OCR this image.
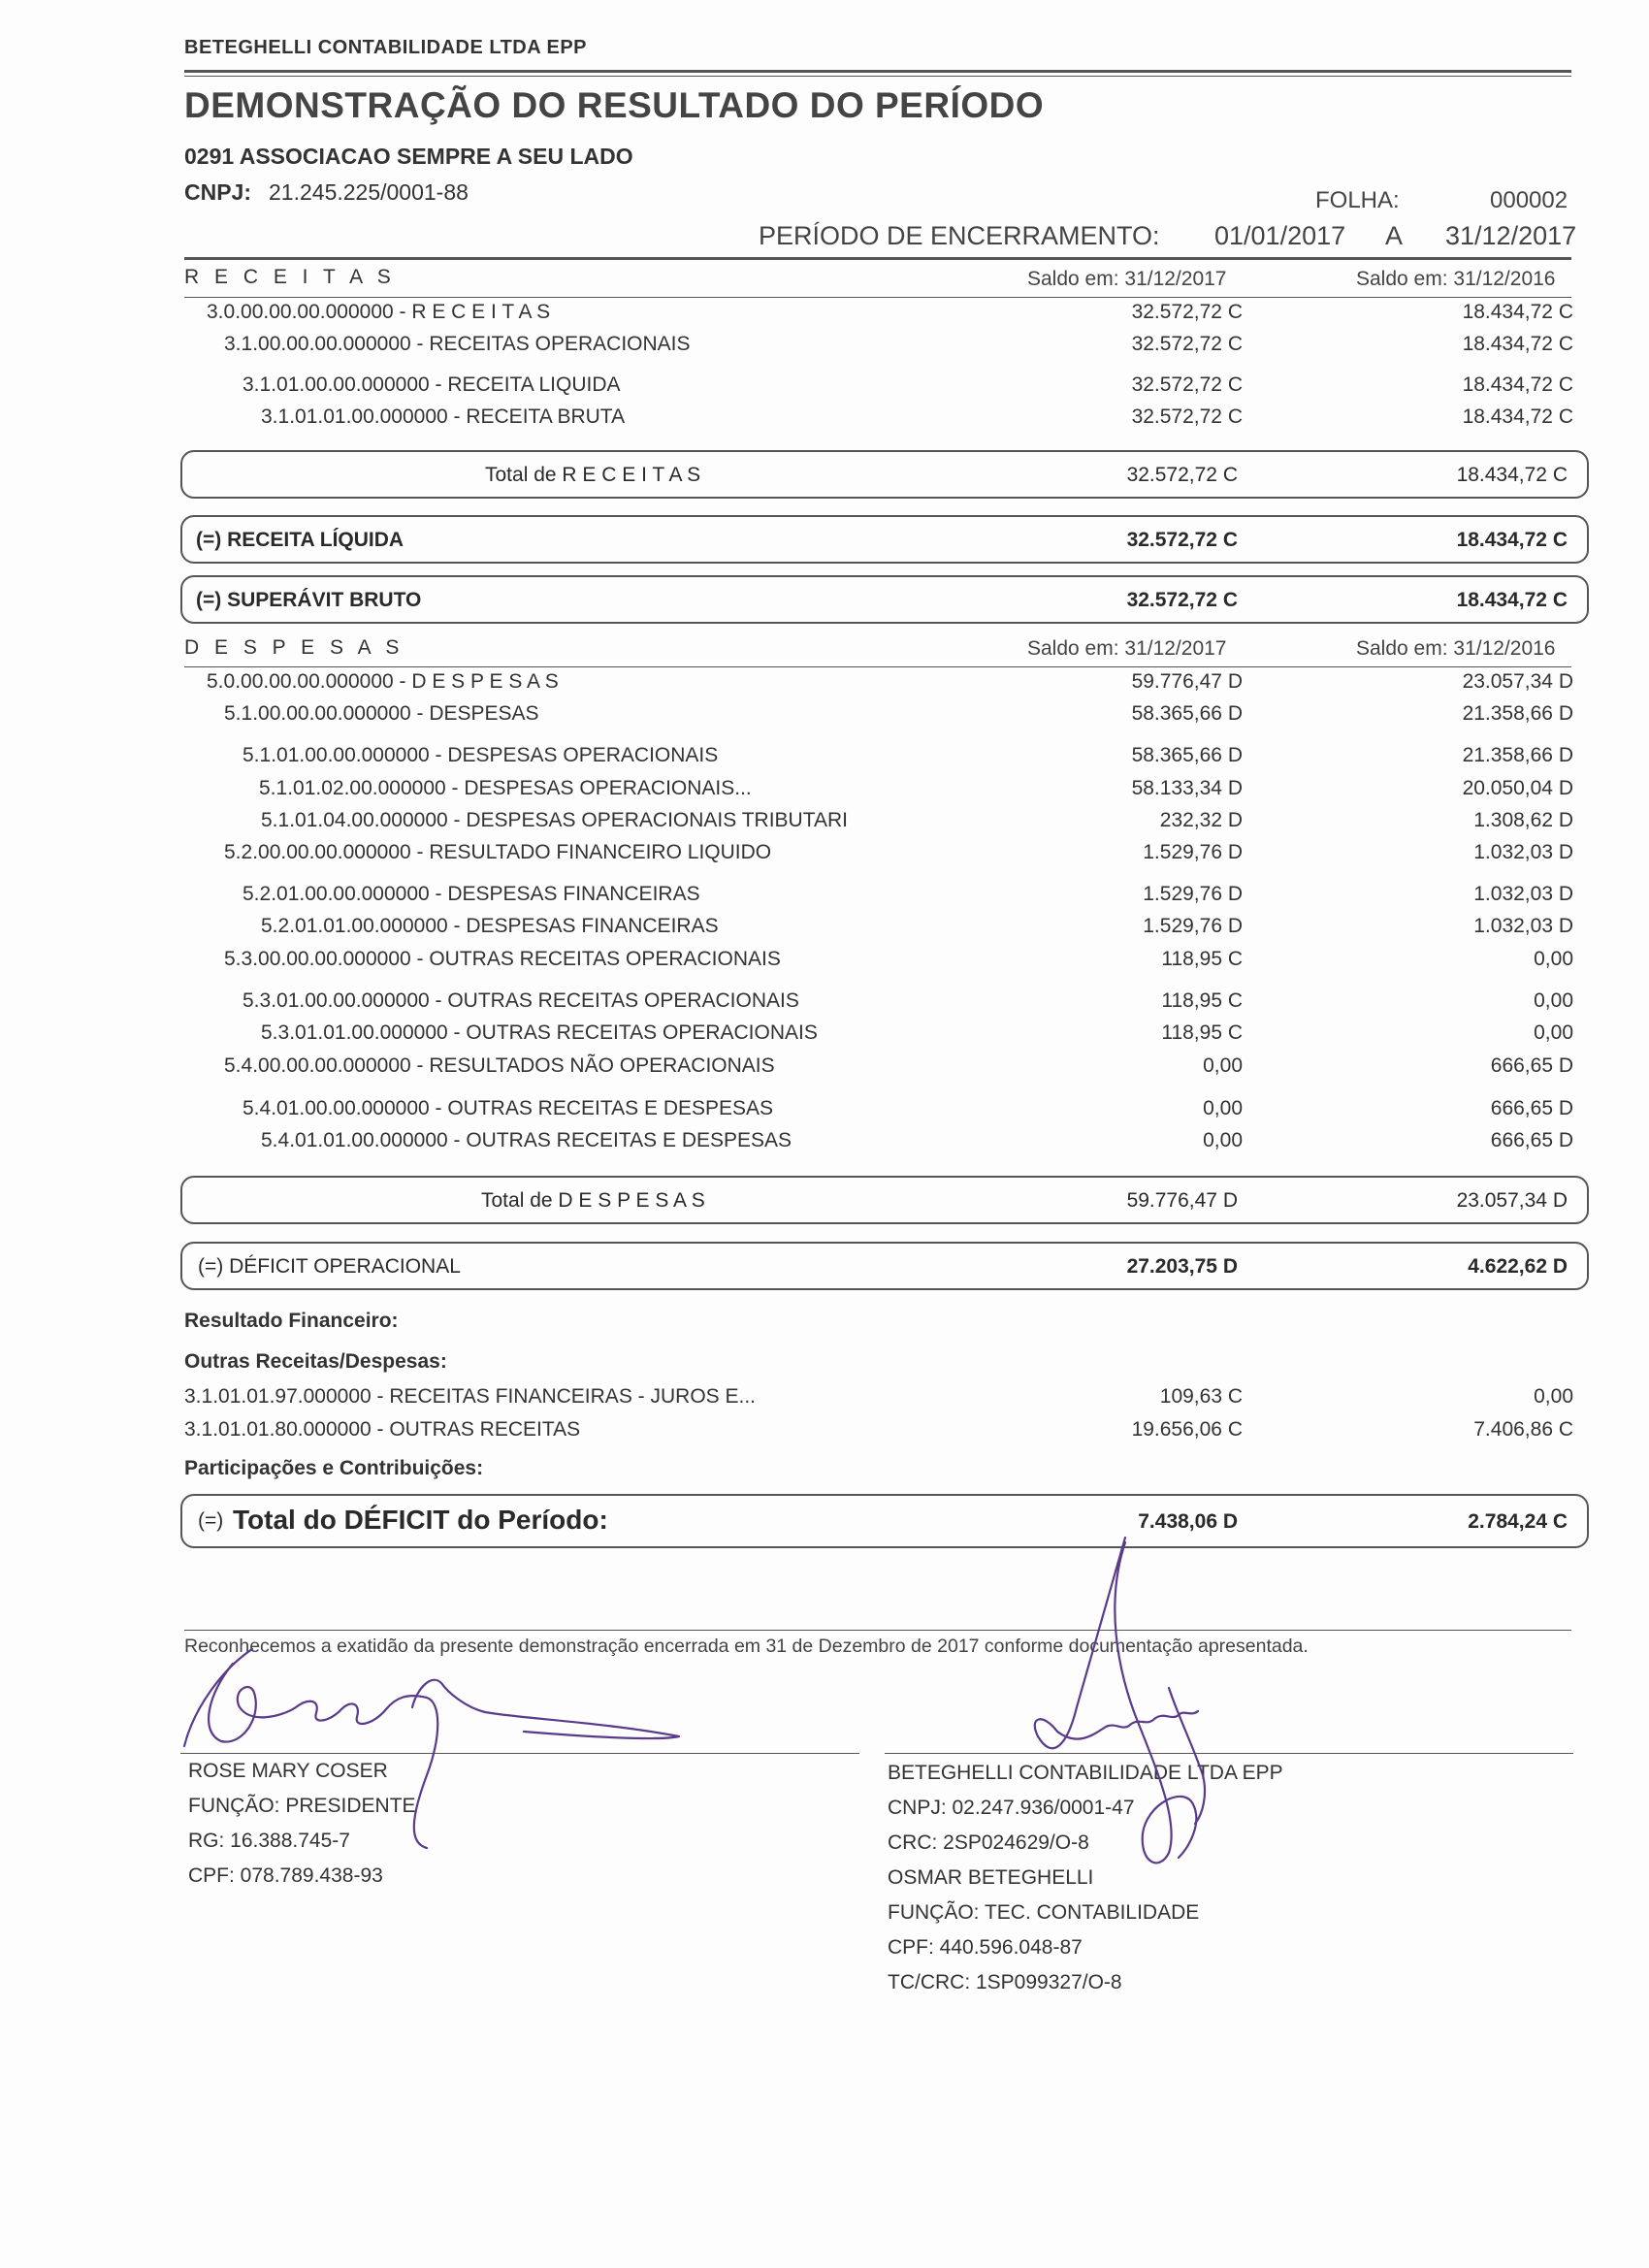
BETEGHELLI CONTABILIDADE LTDA EPP
DEMONSTRAÇÃO DO RESULTADO DO PERÍODO
0291 ASSOCIACAO SEMPRE A SEU LADO
CNPJ: 21.245.225/0001-88	FOLHA:	000002
PERÍODO DE ENCERRAMENTO: 01/01/2017 A 31/12/2017
R E C E I T A S	Saldo em: 31/12/2017	Saldo em: 31/12/2016
3.0.00.00.00.000000 - R E C E I T A S	32.572,72 C	18.434,72 C
3.1.00.00.00.000000 - RECEITAS OPERACIONAIS	32.572,72 C	18.434,72 C
3.1.01.00.00.000000 - RECEITA LIQUIDA	32.572,72 C	18.434,72 C
3.1.01.01.00.000000 - RECEITA BRUTA	32.572,72 C	18.434,72 C
Total de R E C E I T A S	32.572,72 C	18.434,72 C
(=) RECEITA LÍQUIDA	32.572,72 C	18.434,72 C
(=) SUPERÁVIT BRUTO	32.572,72 C	18.434,72 C
D E S P E S A S	Saldo em: 31/12/2017	Saldo em: 31/12/2016
5.0.00.00.00.000000 - D E S P E S A S	59.776,47 D	23.057,34 D
5.1.00.00.00.000000 - DESPESAS	58.365,66 D	21.358,66 D
5.1.01.00.00.000000 - DESPESAS OPERACIONAIS	58.365,66 D	21.358,66 D
5.1.01.02.00.000000 - DESPESAS OPERACIONAIS...	58.133,34 D	20.050,04 D
5.1.01.04.00.000000 - DESPESAS OPERACIONAIS TRIBUTARI	232,32 D	1.308,62 D
5.2.00.00.00.000000 - RESULTADO FINANCEIRO LIQUIDO	1.529,76 D	1.032,03 D
5.2.01.00.00.000000 - DESPESAS FINANCEIRAS	1.529,76 D	1.032,03 D
5.2.01.01.00.000000 - DESPESAS FINANCEIRAS	1.529,76 D	1.032,03 D
5.3.00.00.00.000000 - OUTRAS RECEITAS OPERACIONAIS	118,95 C	0,00
5.3.01.00.00.000000 - OUTRAS RECEITAS OPERACIONAIS	118,95 C	0,00
5.3.01.01.00.000000 - OUTRAS RECEITAS OPERACIONAIS	118,95 C	0,00
5.4.00.00.00.000000 - RESULTADOS NÃO OPERACIONAIS	0,00	666,65 D
5.4.01.00.00.000000 - OUTRAS RECEITAS E DESPESAS	0,00	666,65 D
5.4.01.01.00.000000 - OUTRAS RECEITAS E DESPESAS	0,00	666,65 D
Total de D E S P E S A S	59.776,47 D	23.057,34 D
(=) DÉFICIT OPERACIONAL	27.203,75 D	4.622,62 D
Resultado Financeiro:
Outras Receitas/Despesas:
3.1.01.01.97.000000 - RECEITAS FINANCEIRAS - JUROS E...	109,63 C	0,00
3.1.01.01.80.000000 - OUTRAS RECEITAS	19.656,06 C	7.406,86 C
Participações e Contribuições:
(=) Total do DÉFICIT do Período:	7.438,06 D	2.784,24 C
Reconhecemos a exatidão da presente demonstração encerrada em 31 de Dezembro de 2017 conforme documentação apresentada.
ROSE MARY COSER
FUNÇÃO: PRESIDENTE
RG: 16.388.745-7
CPF: 078.789.438-93
BETEGHELLI CONTABILIDADE LTDA EPP
CNPJ: 02.247.936/0001-47
CRC: 2SP024629/O-8
OSMAR BETEGHELLI
FUNÇÃO: TEC. CONTABILIDADE
CPF: 440.596.048-87
TC/CRC: 1SP099327/O-8
